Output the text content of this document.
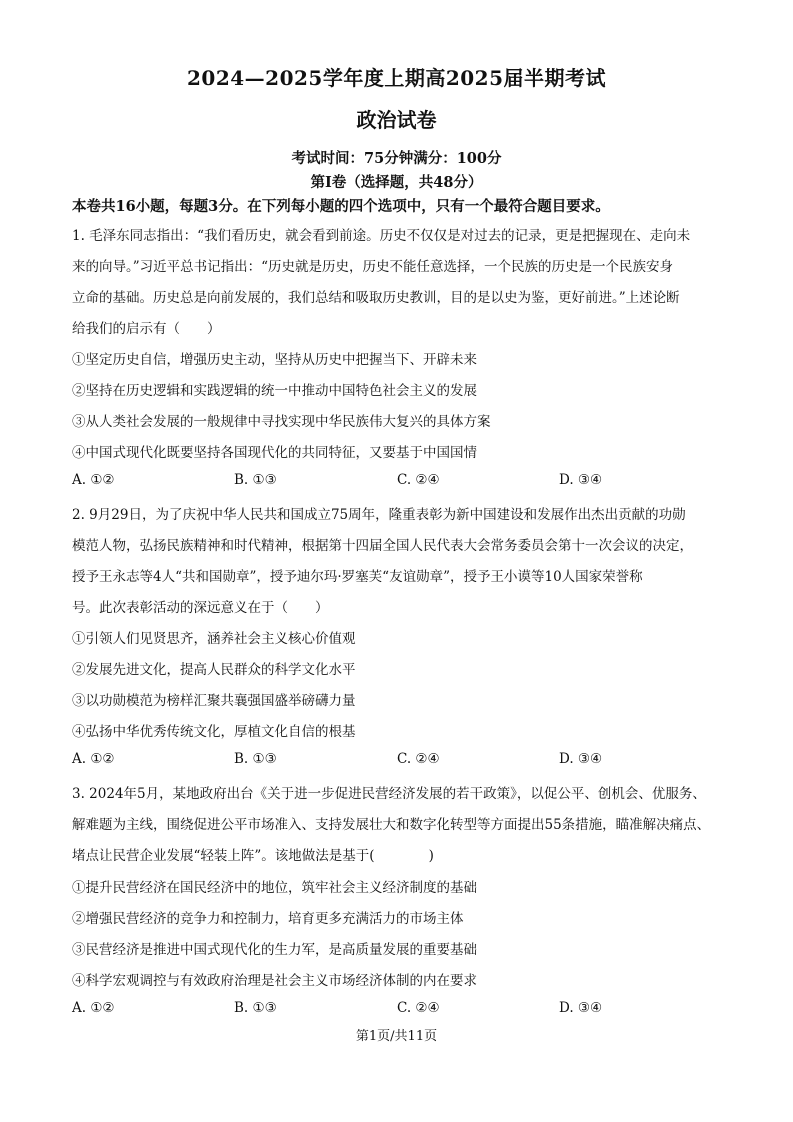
2024—2025学年度上期高2025届半期考试
政治试卷
考试时间：75分钟满分：100分
第Ⅰ卷（选择题，共48分）
本卷共16小题，每题3分。在下列每小题的四个选项中，只有一个最符合题目要求。
1. 毛泽东同志指出：“我们看历史，就会看到前途。历史不仅仅是对过去的记录，更是把握现在、走向未
来的向导。”习近平总书记指出：“历史就是历史，历史不能任意选择，一个民族的历史是一个民族安身
立命的基础。历史总是向前发展的，我们总结和吸取历史教训，目的是以史为鉴，更好前进。”上述论断
给我们的启示有（　　）
①坚定历史自信，增强历史主动，坚持从历史中把握当下、开辟未来
②坚持在历史逻辑和实践逻辑的统一中推动中国特色社会主义的发展
③从人类社会发展的一般规律中寻找实现中华民族伟大复兴的具体方案
④中国式现代化既要坚持各国现代化的共同特征，又要基于中国国情
A. ①②	B. ①③	C. ②④	D. ③④
2. 9月29日，为了庆祝中华人民共和国成立75周年，隆重表彰为新中国建设和发展作出杰出贡献的功勋
模范人物，弘扬民族精神和时代精神，根据第十四届全国人民代表大会常务委员会第十一次会议的决定，
授予王永志等4人“共和国勋章”，授予迪尔玛·罗塞芙“友谊勋章”，授予王小谟等10人国家荣誉称
号。此次表彰活动的深远意义在于（　　）
①引领人们见贤思齐，涵养社会主义核心价值观
②发展先进文化，提高人民群众的科学文化水平
③以功勋模范为榜样汇聚共襄强国盛举磅礴力量
④弘扬中华优秀传统文化，厚植文化自信的根基
A. ①②	B. ①③	C. ②④	D. ③④
3. 2024年5月，某地政府出台《关于进一步促进民营经济发展的若干政策》，以促公平、创机会、优服务、
解难题为主线，围绕促进公平市场准入、支持发展壮大和数字化转型等方面提出55条措施，瞄准解决痛点、
堵点让民营企业发展“轻装上阵”。该地做法是基于(　　　　)
①提升民营经济在国民经济中的地位，筑牢社会主义经济制度的基础
②增强民营经济的竞争力和控制力，培育更多充满活力的市场主体
③民营经济是推进中国式现代化的生力军，是高质量发展的重要基础
④科学宏观调控与有效政府治理是社会主义市场经济体制的内在要求
A. ①②	B. ①③	C. ②④	D. ③④
第1页/共11页
